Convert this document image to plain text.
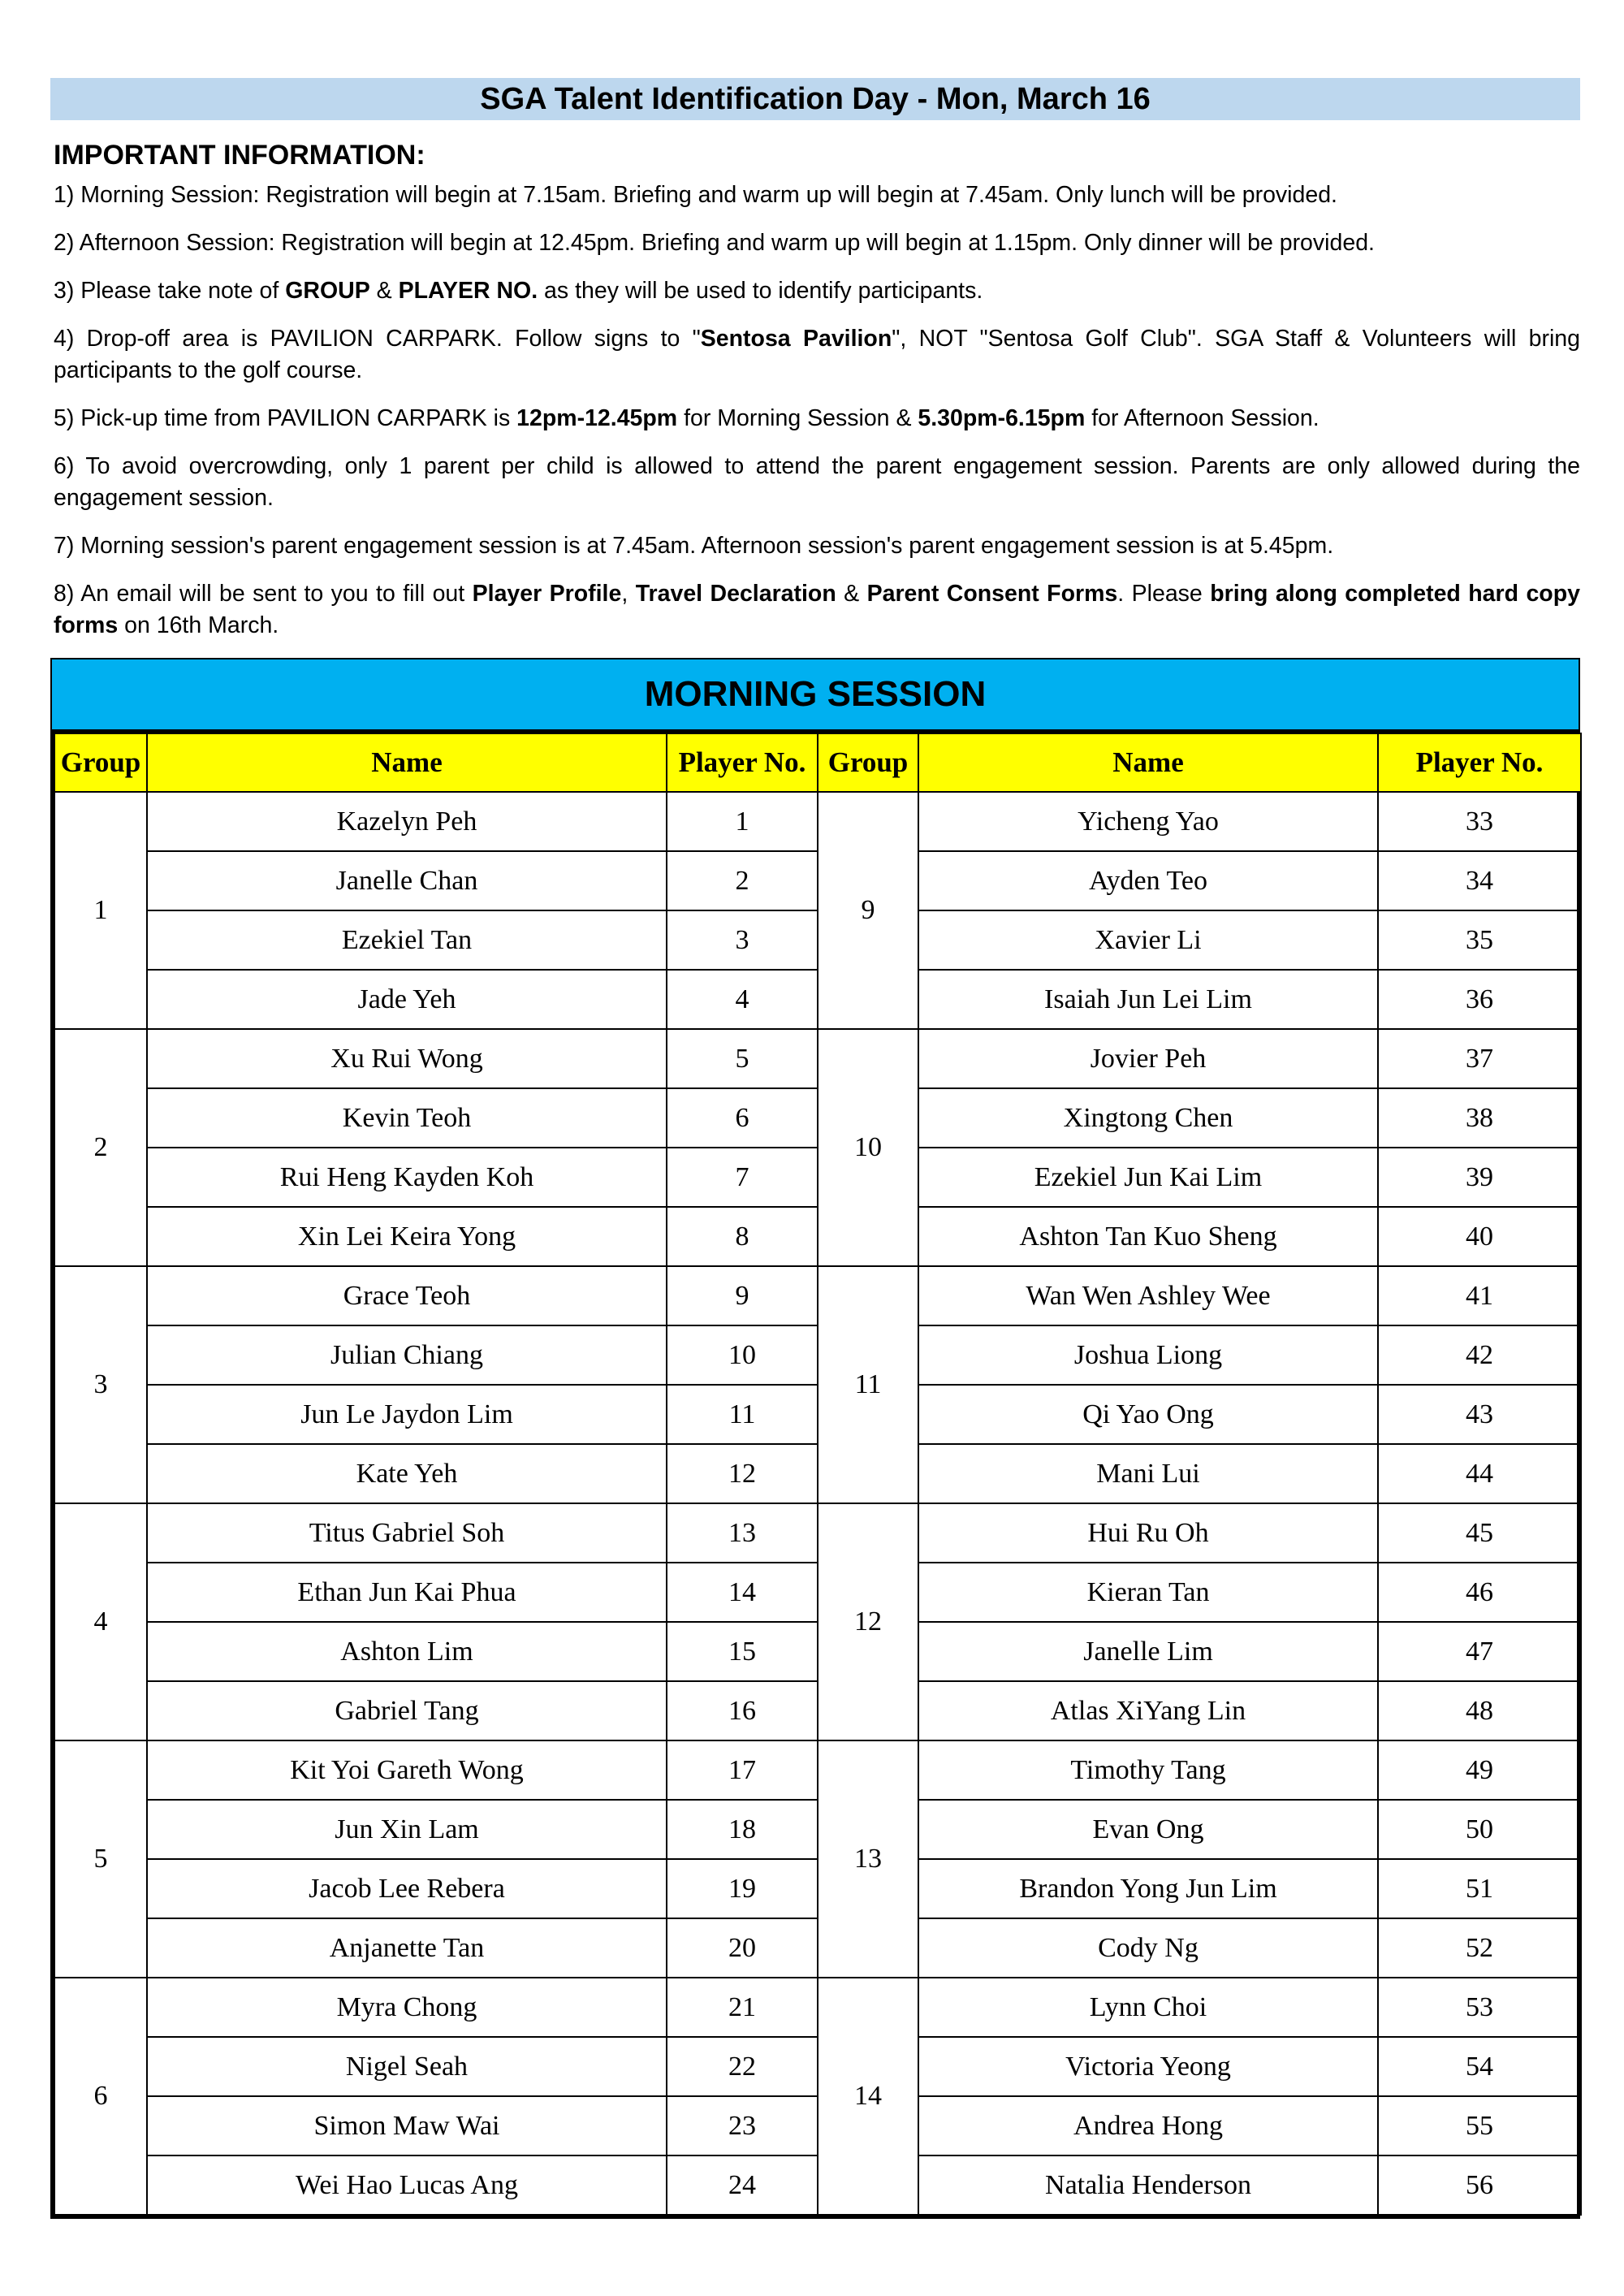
SGA Talent Identification Day - Mon, March 16
IMPORTANT INFORMATION:
1) Morning Session: Registration will begin at 7.15am. Briefing and warm up will begin at 7.45am. Only lunch will be provided.
2) Afternoon Session: Registration will begin at 12.45pm. Briefing and warm up will begin at 1.15pm. Only dinner will be provided.
3) Please take note of GROUP & PLAYER NO. as they will be used to identify participants.
4) Drop-off area is PAVILION CARPARK. Follow signs to "Sentosa Pavilion", NOT "Sentosa Golf Club". SGA Staff & Volunteers will bring participants to the golf course.
5) Pick-up time from PAVILION CARPARK is 12pm-12.45pm for Morning Session & 5.30pm-6.15pm for Afternoon Session.
6) To avoid overcrowding, only 1 parent per child is allowed to attend the parent engagement session. Parents are only allowed during the engagement session.
7) Morning session's parent engagement session is at 7.45am. Afternoon session's parent engagement session is at 5.45pm.
8) An email will be sent to you to fill out Player Profile, Travel Declaration & Parent Consent Forms. Please bring along completed hard copy forms on 16th March.
MORNING SESSION
Group	Name	Player No.	Group	Name	Player No.
1	Kazelyn Peh	1	9	Yicheng Yao	33
	Janelle Chan	2		Ayden Teo	34
	Ezekiel Tan	3		Xavier Li	35
	Jade Yeh	4		Isaiah Jun Lei Lim	36
2	Xu Rui Wong	5	10	Jovier Peh	37
	Kevin Teoh	6		Xingtong Chen	38
	Rui Heng Kayden Koh	7		Ezekiel Jun Kai Lim	39
	Xin Lei Keira Yong	8		Ashton Tan Kuo Sheng	40
3	Grace Teoh	9	11	Wan Wen Ashley Wee	41
	Julian Chiang	10		Joshua Liong	42
	Jun Le Jaydon Lim	11		Qi Yao Ong	43
	Kate Yeh	12		Mani Lui	44
4	Titus Gabriel Soh	13	12	Hui Ru Oh	45
	Ethan Jun Kai Phua	14		Kieran Tan	46
	Ashton Lim	15		Janelle Lim	47
	Gabriel Tang	16		Atlas XiYang Lin	48
5	Kit Yoi Gareth Wong	17	13	Timothy Tang	49
	Jun Xin Lam	18		Evan Ong	50
	Jacob Lee Rebera	19		Brandon Yong Jun Lim	51
	Anjanette Tan	20		Cody Ng	52
6	Myra Chong	21	14	Lynn Choi	53
	Nigel Seah	22		Victoria Yeong	54
	Simon Maw Wai	23		Andrea Hong	55
	Wei Hao Lucas Ang	24		Natalia Henderson	56
